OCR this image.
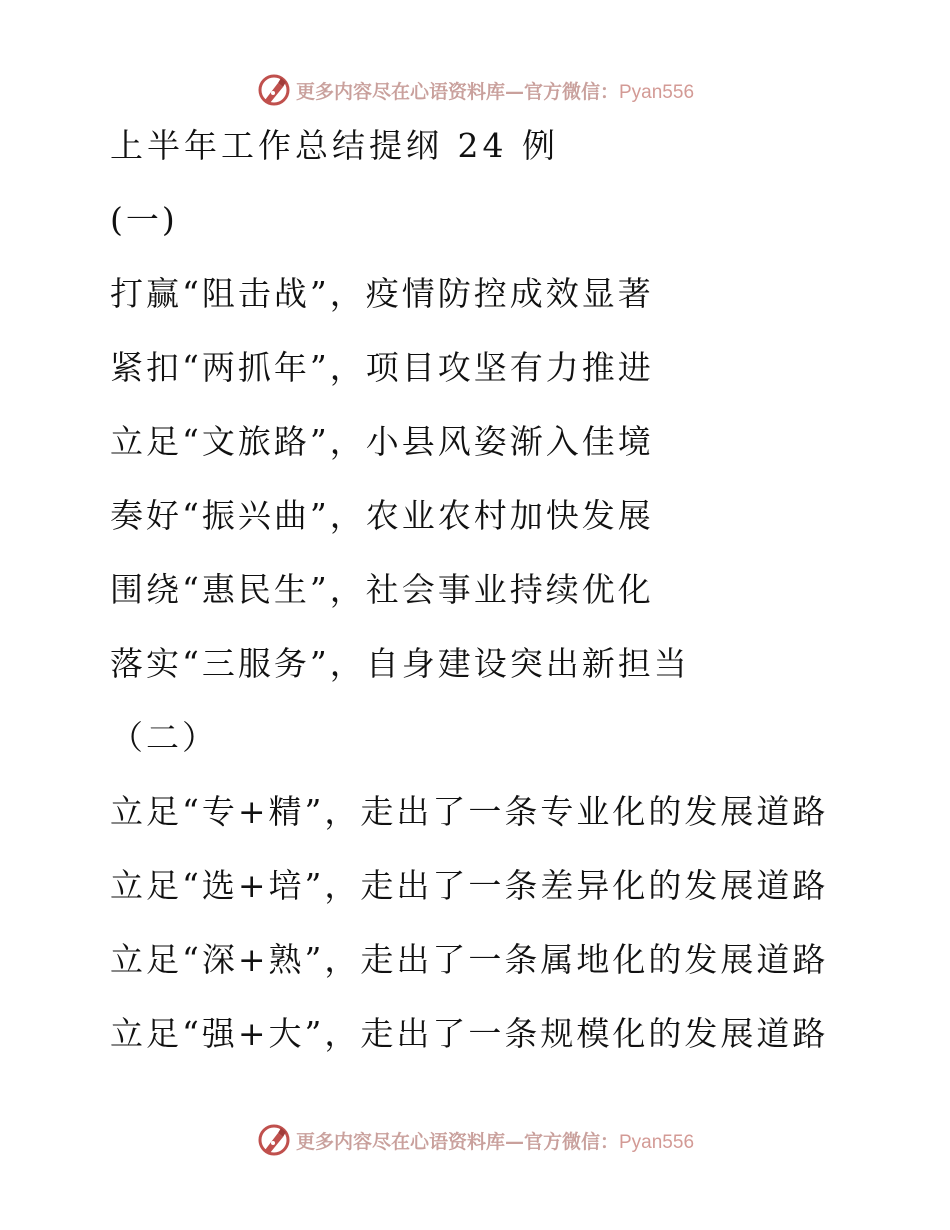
更多内容尽在心语资料库—官方微信：Pyan556
上半年工作总结提纲 24 例
(一)
打赢“阻击战”，疫情防控成效显著
紧扣“两抓年”，项目攻坚有力推进
立足“文旅路”，小县风姿渐入佳境
奏好“振兴曲”，农业农村加快发展
围绕“惠民生”，社会事业持续优化
落实“三服务”，自身建设突出新担当
（二）
立足“专+精”，走出了一条专业化的发展道路
立足“选+培”，走出了一条差异化的发展道路
立足“深+熟”，走出了一条属地化的发展道路
立足“强+大”，走出了一条规模化的发展道路
更多内容尽在心语资料库—官方微信：Pyan556
